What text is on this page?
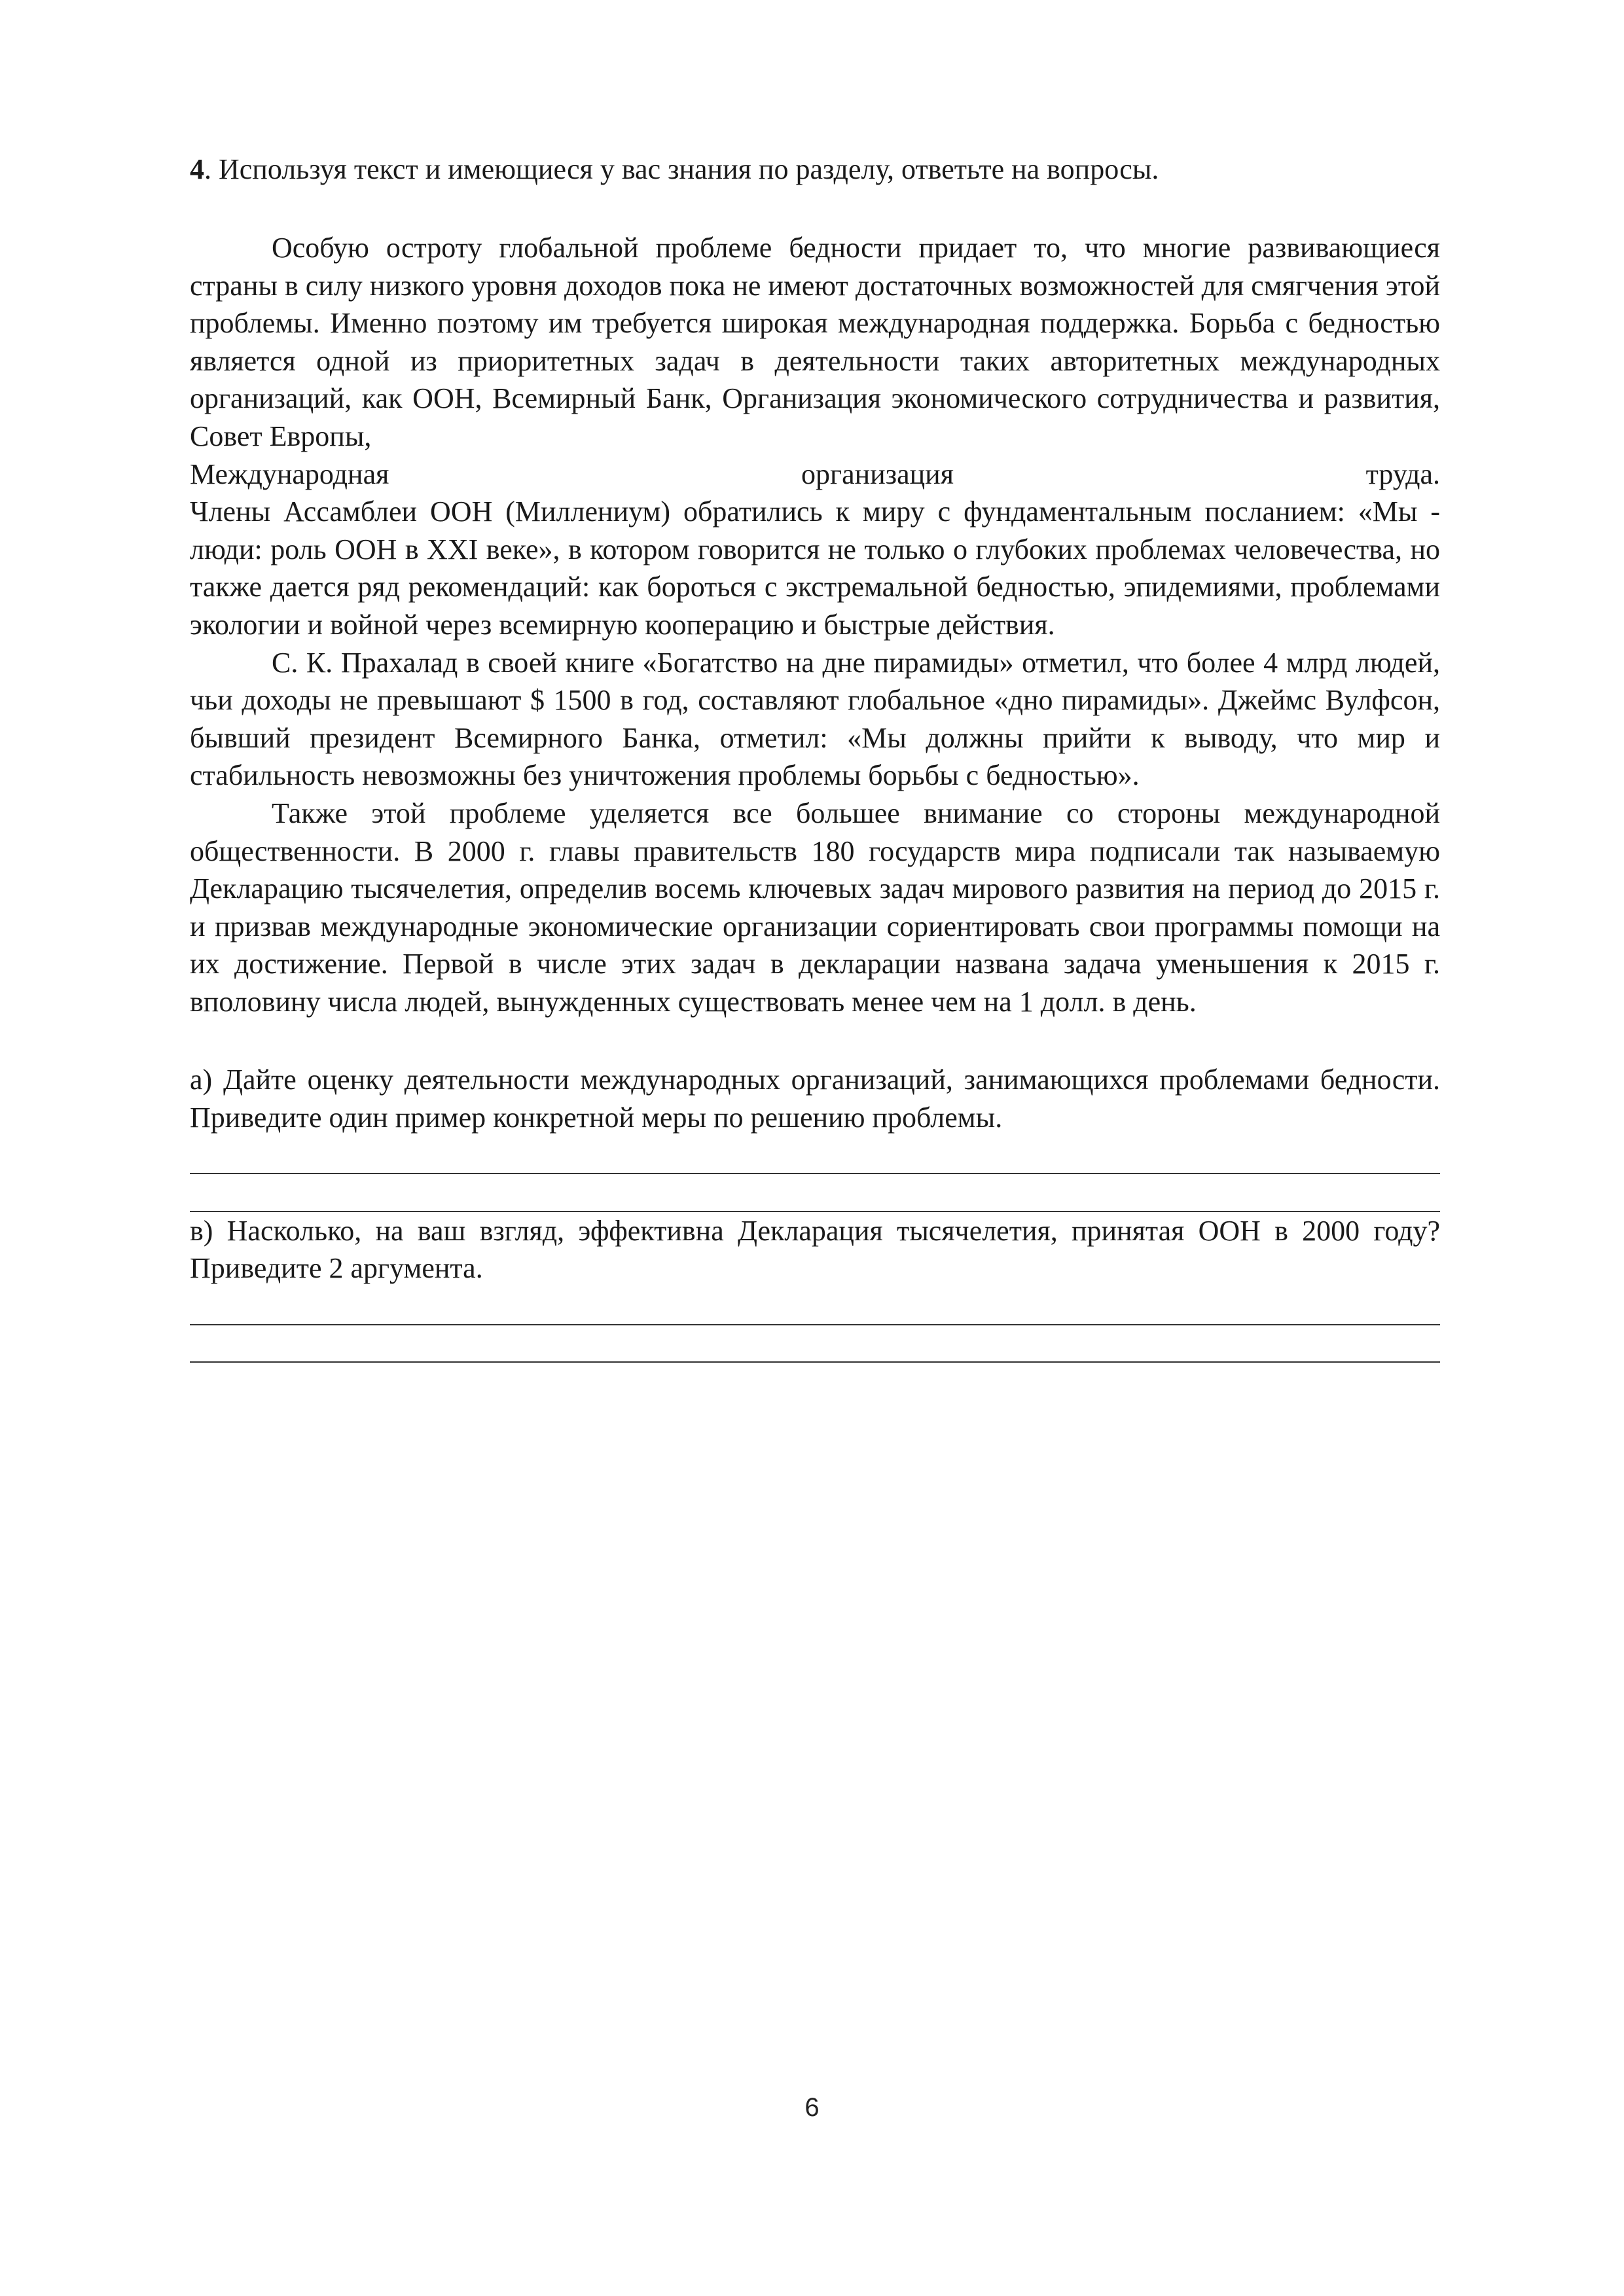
4. Используя текст и имеющиеся у вас знания по разделу, ответьте на вопросы.

Особую остроту глобальной проблеме бедности придает то, что многие развивающиеся страны в силу низкого уровня доходов пока не имеют достаточных возможностей для смягчения этой проблемы. Именно поэтому им требуется широкая международная поддержка. Борьба с бедностью является одной из приоритетных задач в деятельности таких авторитетных международных организаций, как ООН, Всемирный Банк, Организация экономического сотрудничества и развития, Совет Европы,

Международная организация труда.

Члены Ассамблеи ООН (Миллениум) обратились к миру с фундаментальным посланием: «Мы - люди: роль ООН в XXI веке», в котором говорится не только о глубоких проблемах человечества, но также дается ряд рекомендаций: как бороться с экстремальной бедностью, эпидемиями, проблемами экологии и войной через всемирную кооперацию и быстрые действия.

С. К. Прахалад в своей книге «Богатство на дне пирамиды» отметил, что более 4 млрд людей, чьи доходы не превышают $ 1500 в год, составляют глобальное «дно пирамиды». Джеймс Вулфсон, бывший президент Всемирного Банка, отметил: «Мы должны прийти к выводу, что мир и стабильность невозможны без уничтожения проблемы борьбы с бедностью».

Также этой проблеме уделяется все большее внимание со стороны международной общественности. В 2000 г. главы правительств 180 государств мира подписали так называемую Декларацию тысячелетия, определив восемь ключевых задач мирового развития на период до 2015 г. и призвав международные экономические организации сориентировать свои программы помощи на их достижение. Первой в числе этих задач в декларации названа задача уменьшения к 2015 г. вполовину числа людей, вынужденных существовать менее чем на 1 долл. в день.

а) Дайте оценку деятельности международных организаций, занимающихся проблемами бедности. Приведите один пример конкретной меры по решению проблемы.

в) Насколько, на ваш взгляд, эффективна Декларация тысячелетия, принятая ООН в 2000 году? Приведите 2 аргумента.

6
